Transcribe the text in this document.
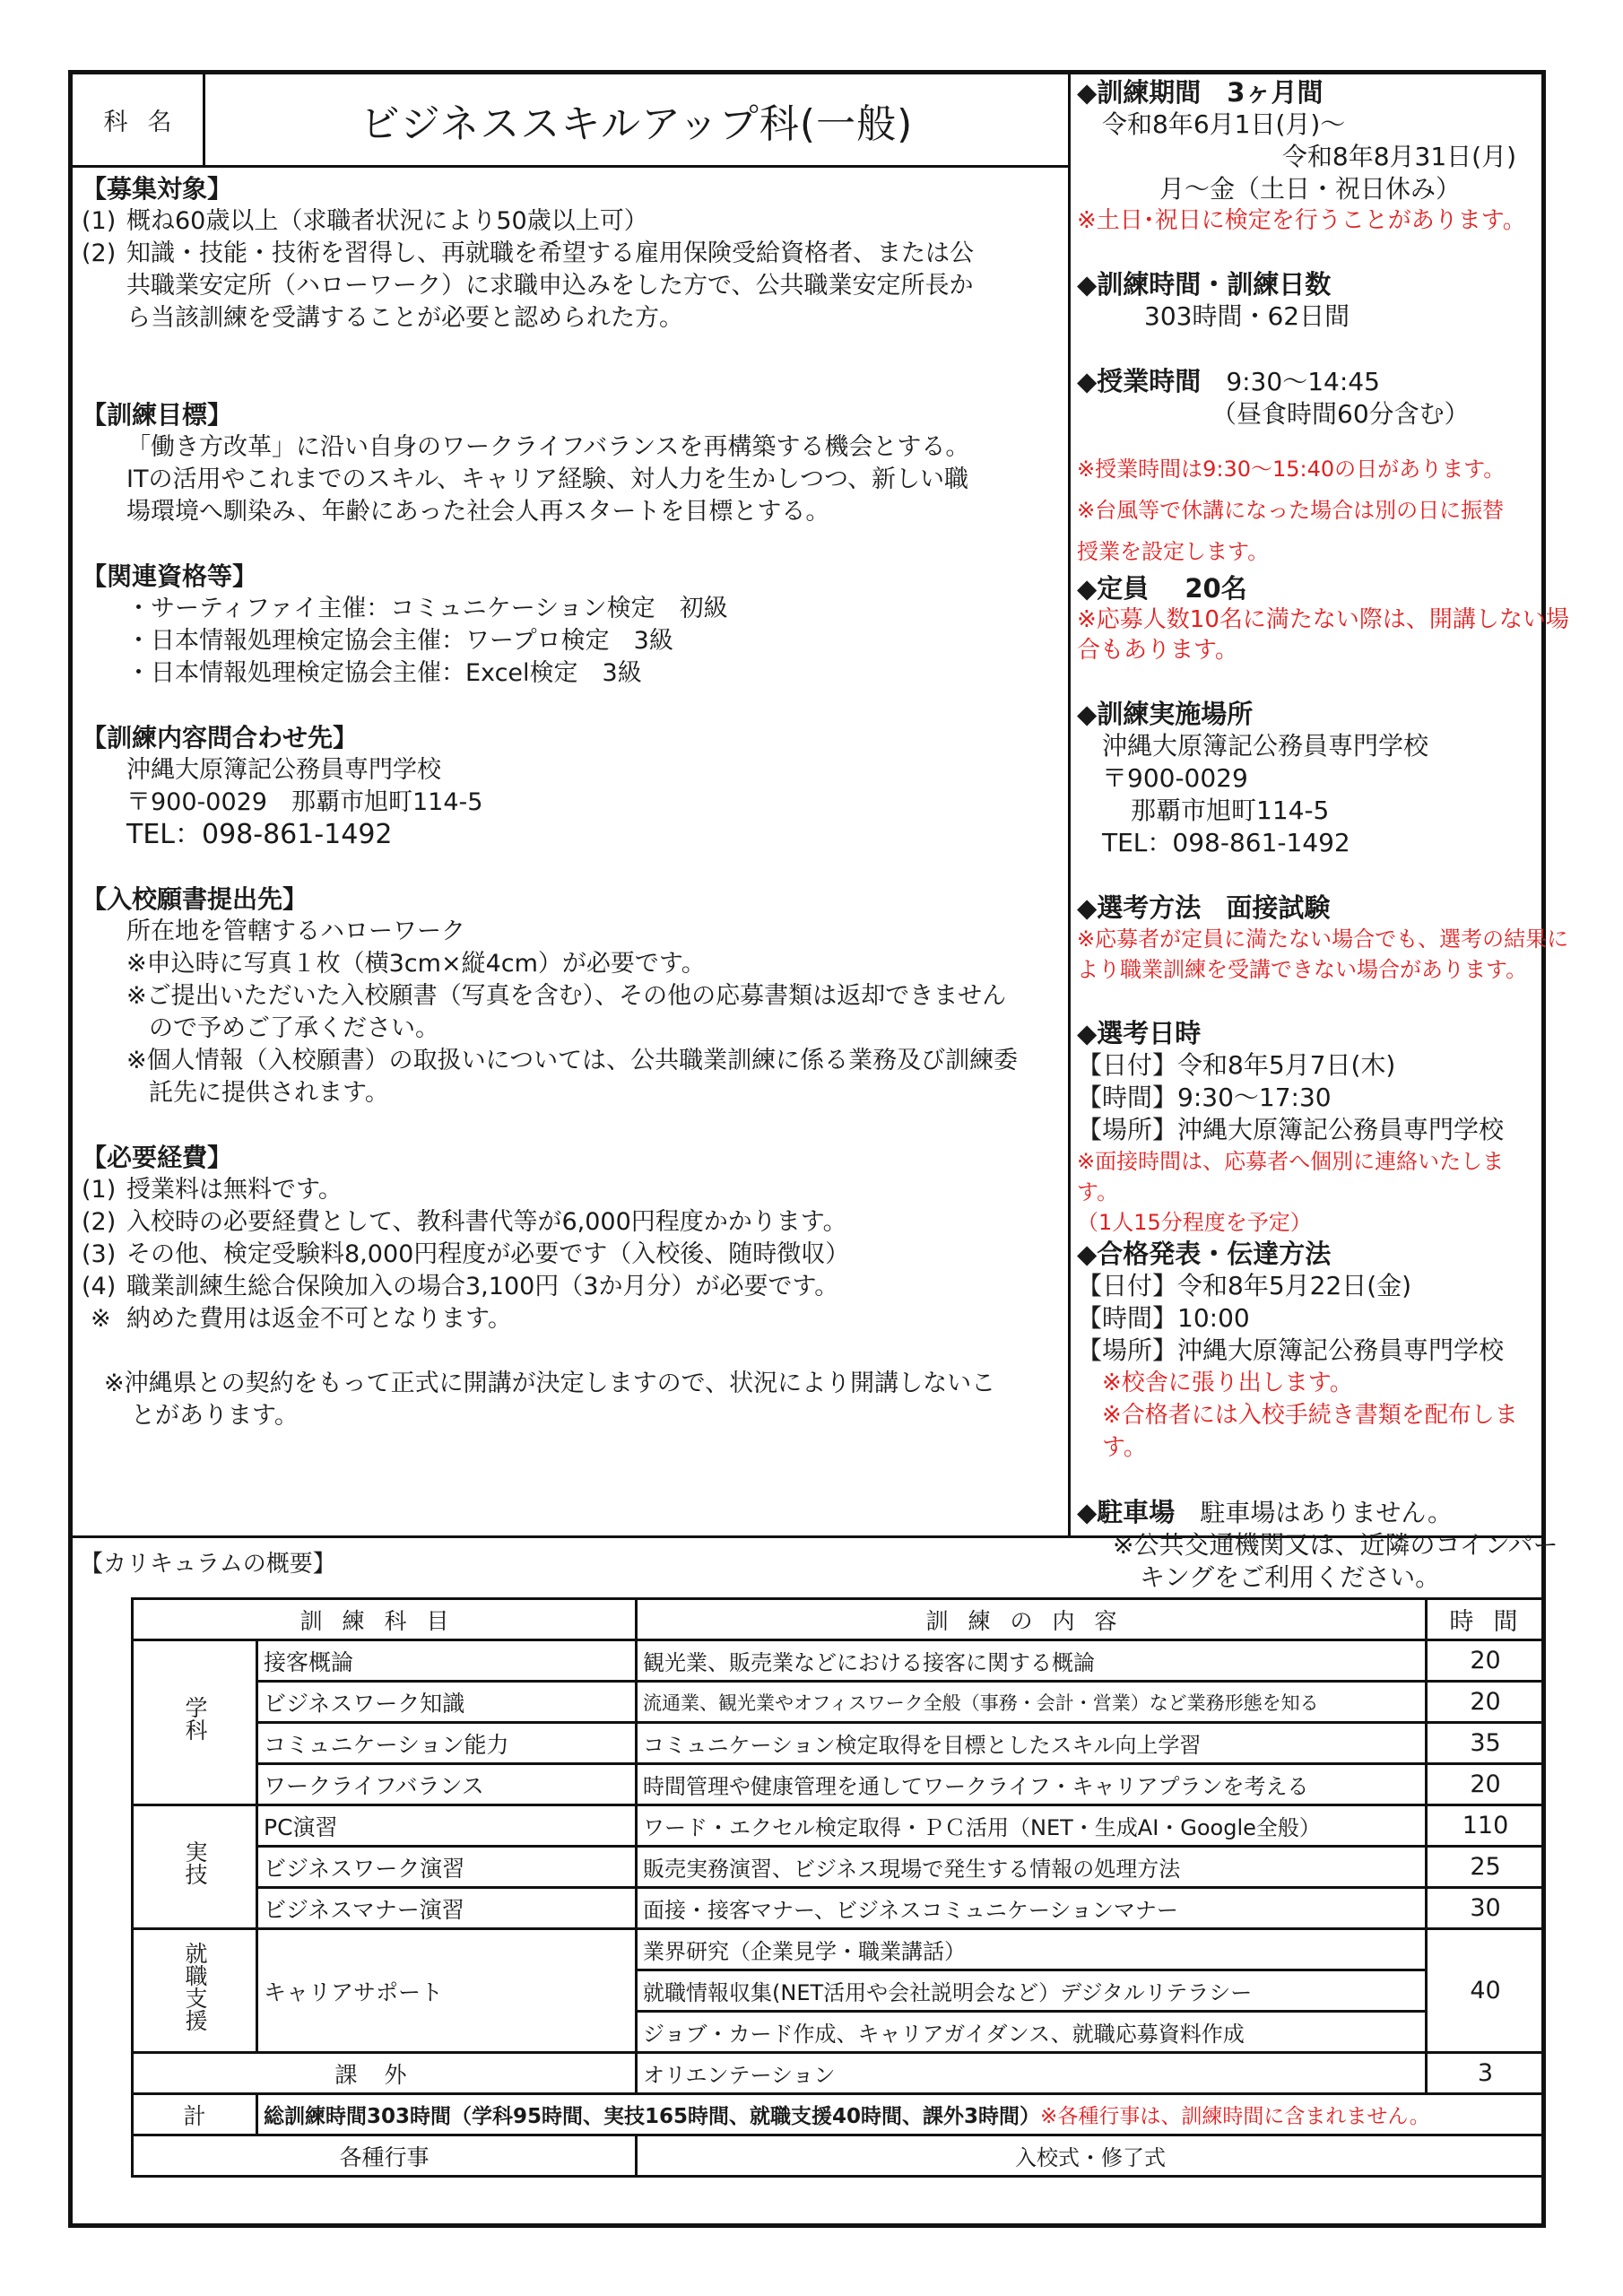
科名	ビジネススキルアップ科(一般)
【募集対象】
(1) 概ね60歳以上（求職者状況により50歳以上可）
(2) 知識・技能・技術を習得し、再就職を希望する雇用保険受給資格者、または公共職業安定所（ハローワーク）に求職申込みをした方で、公共職業安定所長から当該訓練を受講することが必要と認められた方。
【訓練目標】
「働き方改革」に沿い自身のワークライフバランスを再構築する機会とする。ITの活用やこれまでのスキル、キャリア経験、対人力を生かしつつ、新しい職場環境へ馴染み、年齢にあった社会人再スタートを目標とする。
【関連資格等】
・サーティファイ主催：コミュニケーション検定　初級
・日本情報処理検定協会主催：ワープロ検定　3級
・日本情報処理検定協会主催：Excel検定　3級
【訓練内容問合わせ先】
沖縄大原簿記公務員専門学校
〒900-0029　那覇市旭町114-5
TEL：098-861-1492
【入校願書提出先】
所在地を管轄するハローワーク
※申込時に写真１枚（横3cm×縦4cm）が必要です。
※ご提出いただいた入校願書（写真を含む）、その他の応募書類は返却できませんので予めご了承ください。
※個人情報（入校願書）の取扱いについては、公共職業訓練に係る業務及び訓練委託先に提供されます。
【必要経費】
(1) 授業料は無料です。
(2) 入校時の必要経費として、教科書代等が6,000円程度かかります。
(3) その他、検定受験料8,000円程度が必要です（入校後、随時徴収）
(4) 職業訓練生総合保険加入の場合3,100円（3か月分）が必要です。
※ 納めた費用は返金不可となります。
※沖縄県との契約をもって正式に開講が決定しますので、状況により開講しないことがあります。
◆訓練期間　3ヶ月間
令和8年6月1日(月)～
令和8年8月31日(月)
月～金（土日・祝日休み）
※土日･祝日に検定を行うことがあります。
◆訓練時間・訓練日数
303時間・62日間
◆授業時間 9:30～14:45
（昼食時間60分含む）
※授業時間は9:30～15:40の日があります。
※台風等で休講になった場合は別の日に振替
授業を設定します。
◆定員 20名
※応募人数10名に満たない際は、開講しない場合もあります。
◆訓練実施場所
沖縄大原簿記公務員専門学校
〒900-0029
那覇市旭町114-5
TEL：098-861-1492
◆選考方法 面接試験
※応募者が定員に満たない場合でも、選考の結果により職業訓練を受講できない場合があります。
◆選考日時
【日付】令和8年5月7日(木)
【時間】9:30～17:30
【場所】沖縄大原簿記公務員専門学校
※面接時間は、応募者へ個別に連絡いたします。
（1人15分程度を予定）
◆合格発表・伝達方法
【日付】令和8年5月22日(金)
【時間】10:00
【場所】沖縄大原簿記公務員専門学校
※校舎に張り出します。
※合格者には入校手続き書類を配布します。
◆駐車場 駐車場はありません。
※公共交通機関又は、近隣のコインパーキングをご利用ください。
【カリキュラムの概要】
訓練科目		訓練の内容	時間
学科	接客概論	観光業、販売業などにおける接客に関する概論	20
	ビジネスワーク知識	流通業、観光業やオフィスワーク全般（事務・会計・営業）など業務形態を知る	20
	コミュニケーション能力	コミュニケーション検定取得を目標としたスキル向上学習	35
	ワークライフバランス	時間管理や健康管理を通してワークライフ・キャリアプランを考える	20
実技	PC演習	ワード・エクセル検定取得・ＰＣ活用（NET・生成AI・Google全般）	110
	ビジネスワーク演習	販売実務演習、ビジネス現場で発生する情報の処理方法	25
	ビジネスマナー演習	面接・接客マナー、ビジネスコミュニケーションマナー	30
就職支援	キャリアサポート	業界研究（企業見学・職業講話）	40
		就職情報収集(NET活用や会社説明会など）デジタルリテラシー	
		ジョブ・カード作成、キャリアガイダンス、就職応募資料作成	
課外		オリエンテーション	3
計	総訓練時間303時間（学科95時間、実技165時間、就職支援40時間、課外3時間）※各種行事は、訓練時間に含まれません。		
各種行事		入校式・修了式	
